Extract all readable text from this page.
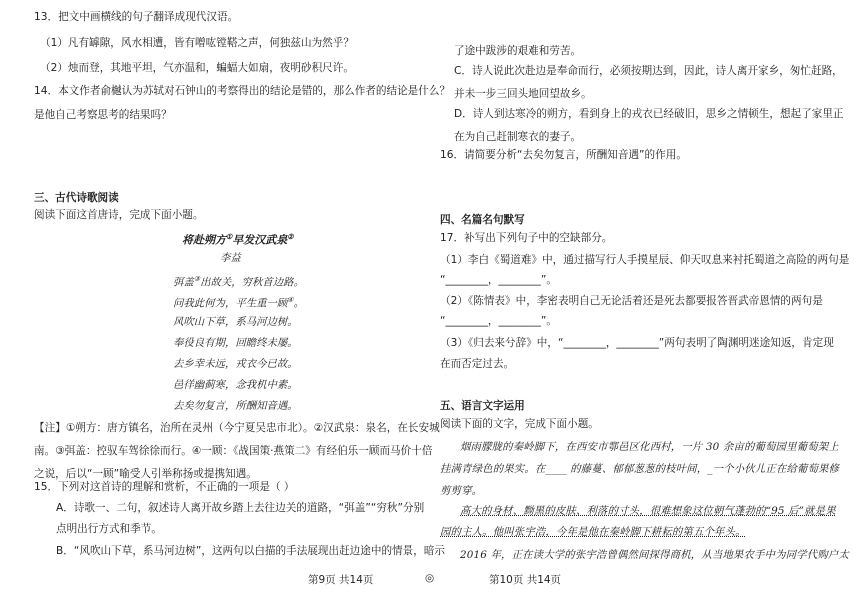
13．把文中画横线的句子翻译成现代汉语。
（1）凡有罅隙，风水相遭，皆有噌吰镗鞳之声，何独兹山为然乎？
（2）烛而登，其地平坦，气亦温和，蝙蝠大如扇，夜明砂积尺许。
14．本文作者俞樾认为苏轼对石钟山的考察得出的结论是错的，那么作者的结论是什么？
是他自己考察思考的结果吗？
三、古代诗歌阅读
阅读下面这首唐诗，完成下面小题。
将赴朔方①早发汉武泉②
李益
弭盖③出故关，穷秋首边路。
问我此何为，平生重一顾④。
风吹山下草，系马河边树。
奉役良有期，回瞻终未屡。
去乡幸未远，戎衣今已故。
邑徉幽蓟寒，念我机中素。
去矣勿复言，所酬知音遇。
【注】①朔方：唐方镇名，治所在灵州（今宁夏吴忠市北）。②汉武泉：泉名，在长安城
南。③弭盖：控驭车驾徐徐而行。④一顾：《战国策·燕策二》有经伯乐一顾而马价十倍
之说，后以“一顾”喻受人引举称扬或提携知遇。
15．下列对这首诗的理解和赏析，不正确的一项是（ ）
A．诗歌一、二句，叙述诗人离开故乡踏上去往边关的道路，“弭盖”“穷秋”分别
点明出行方式和季节。
B．“风吹山下草，系马河边树”，这两句以白描的手法展现出赶边途中的情景，暗示
了途中跋涉的艰难和劳苦。
C．诗人说此次赴边是奉命而行，必须按期达到，因此，诗人离开家乡，匆忙赶路，
并未一步三回头地回望故乡。
D．诗人到达寒冷的朔方，看到身上的戎衣已经破旧，思乡之情顿生，想起了家里正
在为自己赶制寒衣的妻子。
16．请简要分析“去矣勿复言，所酬知音遇”的作用。
四、名篇名句默写
17．补写出下列句子中的空缺部分。
（1）李白《蜀道难》中，通过描写行人手摸星辰、仰天叹息来衬托蜀道之高险的两句是
“________，________”。
（2）《陈情表》中，李密表明自己无论活着还是死去都要报答晋武帝恩情的两句是
“________，________”。
（3）《归去来兮辞》中，“________，________”两句表明了陶渊明迷途知返，肯定现
在而否定过去。
五、语言文字运用
阅读下面的文字，完成下面小题。
烟雨朦胧的秦岭脚下，在西安市鄠邑区化西村，一片 30 余亩的葡萄园里葡萄架上
挂满青绿色的果实。在____ 的藤蔓、郁郁葱葱的枝叶间，_一个小伙儿正在给葡萄果修
剪剪穿。
高大的身材、黝黑的皮肤、利落的寸头，很难想象这位朝气蓬勃的“95 后”就是果
园的主人。他叫张宇浩，今年是他在秦岭脚下耕耘的第五个年头。
2016 年，正在读大学的张宇浩曾偶然间探得商机，从当地果农手中为同学代购户太
第9页 共14页	◎	第10页 共14页
